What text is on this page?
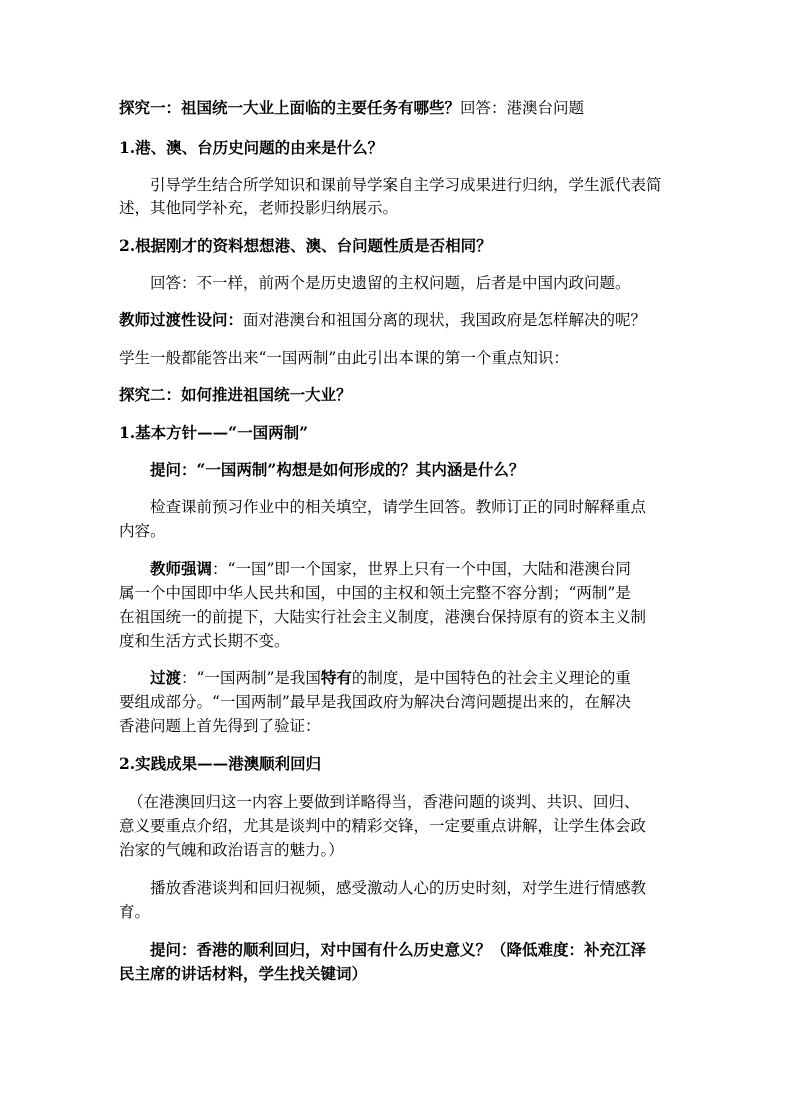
探究一：祖国统一大业上面临的主要任务有哪些？回答：港澳台问题
1.港、澳、台历史问题的由来是什么？
引导学生结合所学知识和课前导学案自主学习成果进行归纳，学生派代表简
述，其他同学补充，老师投影归纳展示。
2.根据刚才的资料想想港、澳、台问题性质是否相同？
回答：不一样，前两个是历史遗留的主权问题，后者是中国内政问题。
教师过渡性设问：面对港澳台和祖国分离的现状，我国政府是怎样解决的呢？
学生一般都能答出来“一国两制”由此引出本课的第一个重点知识：
探究二：如何推进祖国统一大业？
1.基本方针——“一国两制”
提问：“一国两制”构想是如何形成的？其内涵是什么？
检查课前预习作业中的相关填空，请学生回答。教师订正的同时解释重点
内容。
教师强调：“一国”即一个国家，世界上只有一个中国，大陆和港澳台同
属一个中国即中华人民共和国，中国的主权和领土完整不容分割；“两制”是
在祖国统一的前提下，大陆实行社会主义制度，港澳台保持原有的资本主义制
度和生活方式长期不变。
过渡：“一国两制”是我国特有的制度，是中国特色的社会主义理论的重
要组成部分。“一国两制”最早是我国政府为解决台湾问题提出来的，在解决
香港问题上首先得到了验证：
2.实践成果——港澳顺利回归
（在港澳回归这一内容上要做到详略得当，香港问题的谈判、共识、回归、
意义要重点介绍，尤其是谈判中的精彩交锋，一定要重点讲解，让学生体会政
治家的气魄和政治语言的魅力。）
播放香港谈判和回归视频，感受激动人心的历史时刻，对学生进行情感教
育。
提问：香港的顺利回归，对中国有什么历史意义？（降低难度：补充江泽
民主席的讲话材料，学生找关键词）
